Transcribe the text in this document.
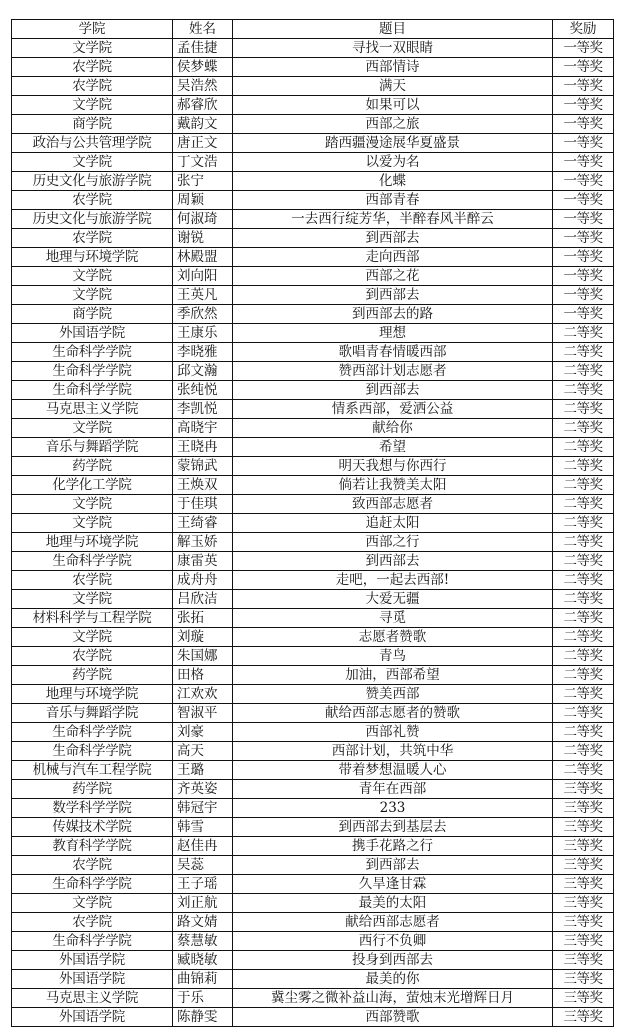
学院	姓名	题目	奖励
文学院	孟佳捷	寻找一双眼睛	一等奖
农学院	侯梦蝶	西部情诗	一等奖
农学院	吴浩然	满天	一等奖
文学院	郝睿欣	如果可以	一等奖
商学院	戴韵文	西部之旅	一等奖
政治与公共管理学院	唐正文	踏西疆漫途展华夏盛景	一等奖
文学院	丁文浩	以爱为名	一等奖
历史文化与旅游学院	张宁	化蝶	一等奖
农学院	周颖	西部青春	一等奖
历史文化与旅游学院	何淑琦	一去西行绽芳华，半醉春风半醉云	一等奖
农学院	谢锐	到西部去	一等奖
地理与环境学院	林殿盟	走向西部	一等奖
文学院	刘向阳	西部之花	一等奖
文学院	王英凡	到西部去	一等奖
商学院	季欣然	到西部去的路	一等奖
外国语学院	王康乐	理想	二等奖
生命科学学院	李晓雅	歌唱青春情暖西部	二等奖
生命科学学院	邱文瀚	赞西部计划志愿者	二等奖
生命科学学院	张纯悦	到西部去	二等奖
马克思主义学院	李凯悦	情系西部，爱洒公益	二等奖
文学院	高晓宇	献给你	二等奖
音乐与舞蹈学院	王晓冉	希望	二等奖
药学院	蒙锦武	明天我想与你西行	二等奖
化学化工学院	王焕双	倘若让我赞美太阳	二等奖
文学院	于佳琪	致西部志愿者	二等奖
文学院	王绮睿	追赶太阳	二等奖
地理与环境学院	解玉娇	西部之行	二等奖
生命科学学院	康雷英	到西部去	二等奖
农学院	成舟舟	走吧，一起去西部!	二等奖
文学院	吕欣洁	大爱无疆	二等奖
材料科学与工程学院	张拓	寻觅	二等奖
文学院	刘璇	志愿者赞歌	二等奖
农学院	朱国娜	青鸟	二等奖
药学院	田格	加油，西部希望	二等奖
地理与环境学院	江欢欢	赞美西部	二等奖
音乐与舞蹈学院	智淑平	献给西部志愿者的赞歌	二等奖
生命科学学院	刘豪	西部礼赞	二等奖
生命科学学院	高天	西部计划，共筑中华	二等奖
机械与汽车工程学院	王璐	带着梦想温暖人心	二等奖
药学院	齐英姿	青年在西部	三等奖
数学科学学院	韩冠宇	233	三等奖
传媒技术学院	韩雪	到西部去到基层去	三等奖
教育科学学院	赵佳冉	携手花路之行	三等奖
农学院	吴蕊	到西部去	三等奖
生命科学学院	王子瑶	久旱逢甘霖	三等奖
文学院	刘正航	最美的太阳	三等奖
农学院	路文婧	献给西部志愿者	三等奖
生命科学学院	蔡慧敏	西行不负卿	三等奖
外国语学院	臧晓敏	投身到西部去	三等奖
外国语学院	曲锦莉	最美的你	三等奖
马克思主义学院	于乐	冀尘雾之微补益山海，萤烛末光增辉日月	三等奖
外国语学院	陈静雯	西部赞歌	三等奖
